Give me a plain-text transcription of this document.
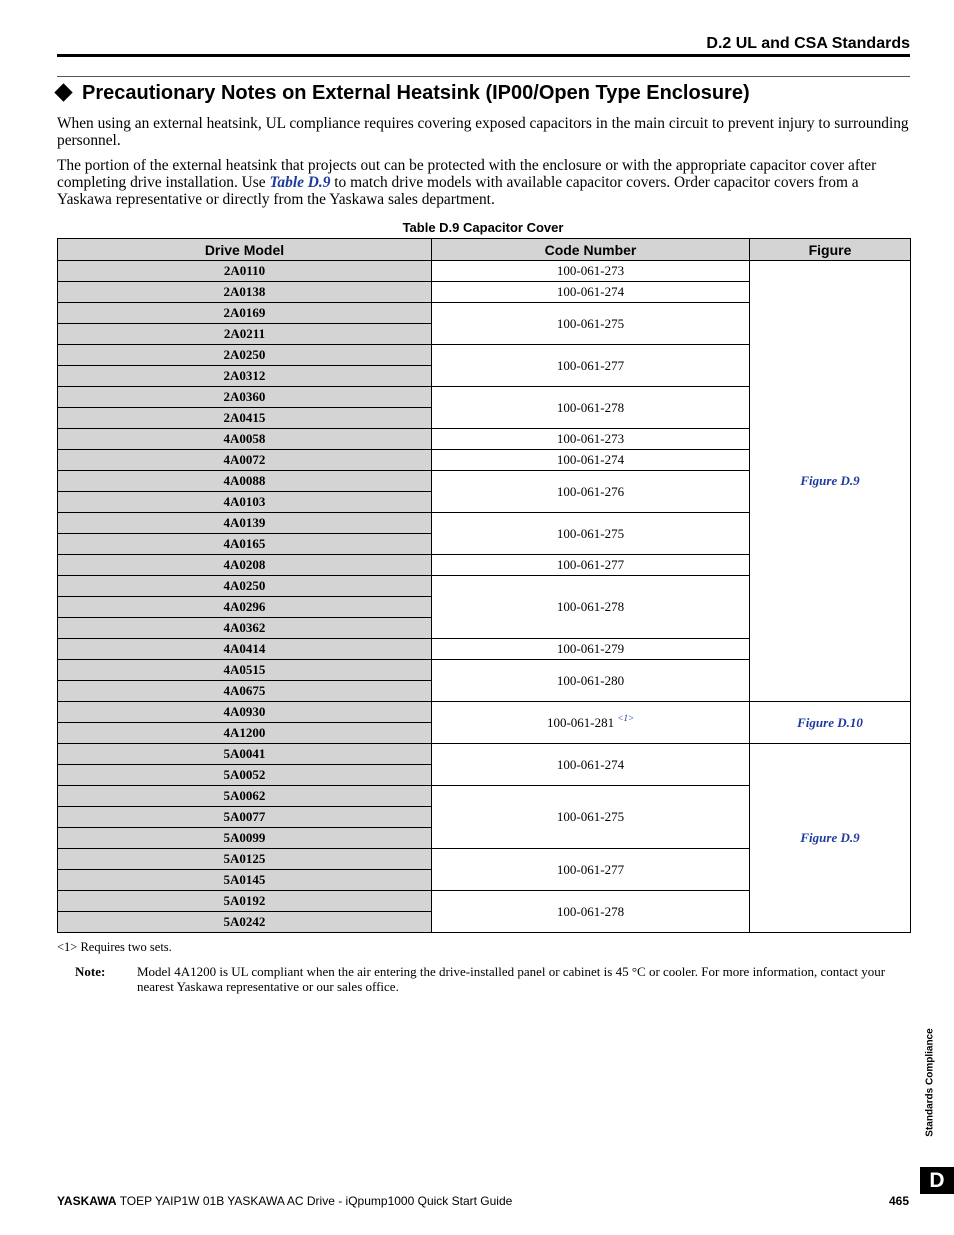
D.2 UL and CSA Standards
Precautionary Notes on External Heatsink (IP00/Open Type Enclosure)
When using an external heatsink, UL compliance requires covering exposed capacitors in the main circuit to prevent injury to surrounding personnel.
The portion of the external heatsink that projects out can be protected with the enclosure or with the appropriate capacitor cover after completing drive installation. Use Table D.9 to match drive models with available capacitor covers. Order capacitor covers from a Yaskawa representative or directly from the Yaskawa sales department.
Table D.9 Capacitor Cover
Drive Model	Code Number	Figure
2A0110	100-061-273	Figure D.9
2A0138	100-061-274	
2A0169	100-061-275	
2A0211		
2A0250	100-061-277	
2A0312		
2A0360	100-061-278	
2A0415		
4A0058	100-061-273	
4A0072	100-061-274	
4A0088	100-061-276	
4A0103		
4A0139	100-061-275	
4A0165		
4A0208	100-061-277	
4A0250	100-061-278	
4A0296		
4A0362		
4A0414	100-061-279	
4A0515	100-061-280	
4A0675		
4A0930	100-061-281 $^{<1>}$	Figure D.10
4A1200		
5A0041	100-061-274	Figure D.9
5A0052		
5A0062	100-061-275	
5A0077		
5A0099		
5A0125	100-061-277	
5A0145		
5A0192	100-061-278	
5A0242		
<1> Requires two sets.
Note: Model 4A1200 is UL compliant when the air entering the drive-installed panel or cabinet is 45 °C or cooler. For more information, contact your nearest Yaskawa representative or our sales office.
Standards Compliance
D
YASKAWA TOEP YAIP1W 01B YASKAWA AC Drive - iQpump1000 Quick Start Guide	465
